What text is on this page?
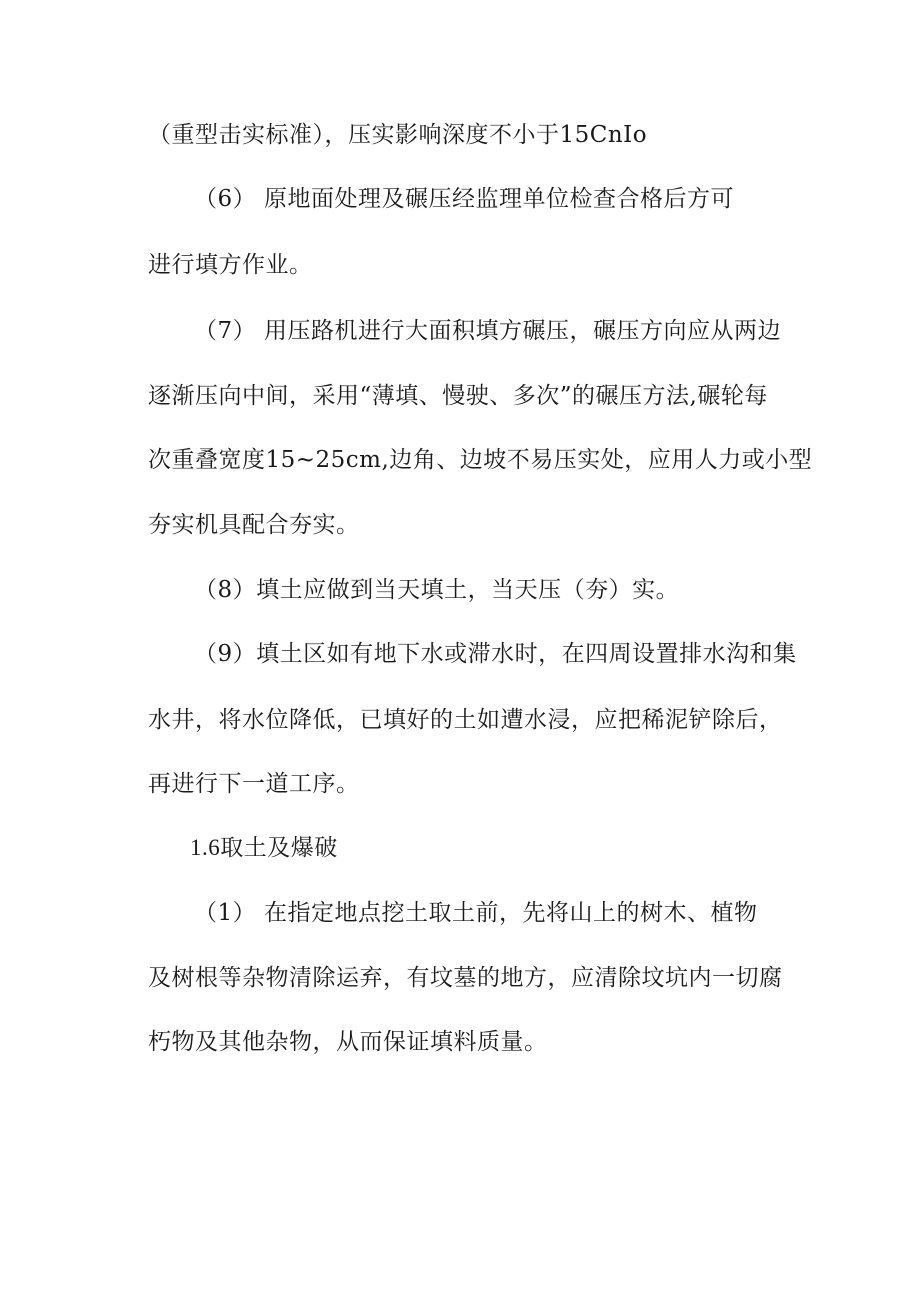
（重型击实标准），压实影响深度不小于15CnIo

（6） 原地面处理及碾压经监理单位检查合格后方可

进行填方作业。

（7） 用压路机进行大面积填方碾压，碾压方向应从两边

逐渐压向中间，采用“薄填、慢驶、多次”的碾压方法,碾轮每

次重叠宽度15~25cm,边角、边坡不易压实处，应用人力或小型

夯实机具配合夯实。

（8）填土应做到当天填土，当天压（夯）实。

（9）填土区如有地下水或滞水时，在四周设置排水沟和集

水井，将水位降低，已填好的土如遭水浸，应把稀泥铲除后，

再进行下一道工序。

1.6取土及爆破

（1） 在指定地点挖土取土前，先将山上的树木、植物

及树根等杂物清除运弃，有坟墓的地方，应清除坟坑内一切腐

朽物及其他杂物，从而保证填料质量。
